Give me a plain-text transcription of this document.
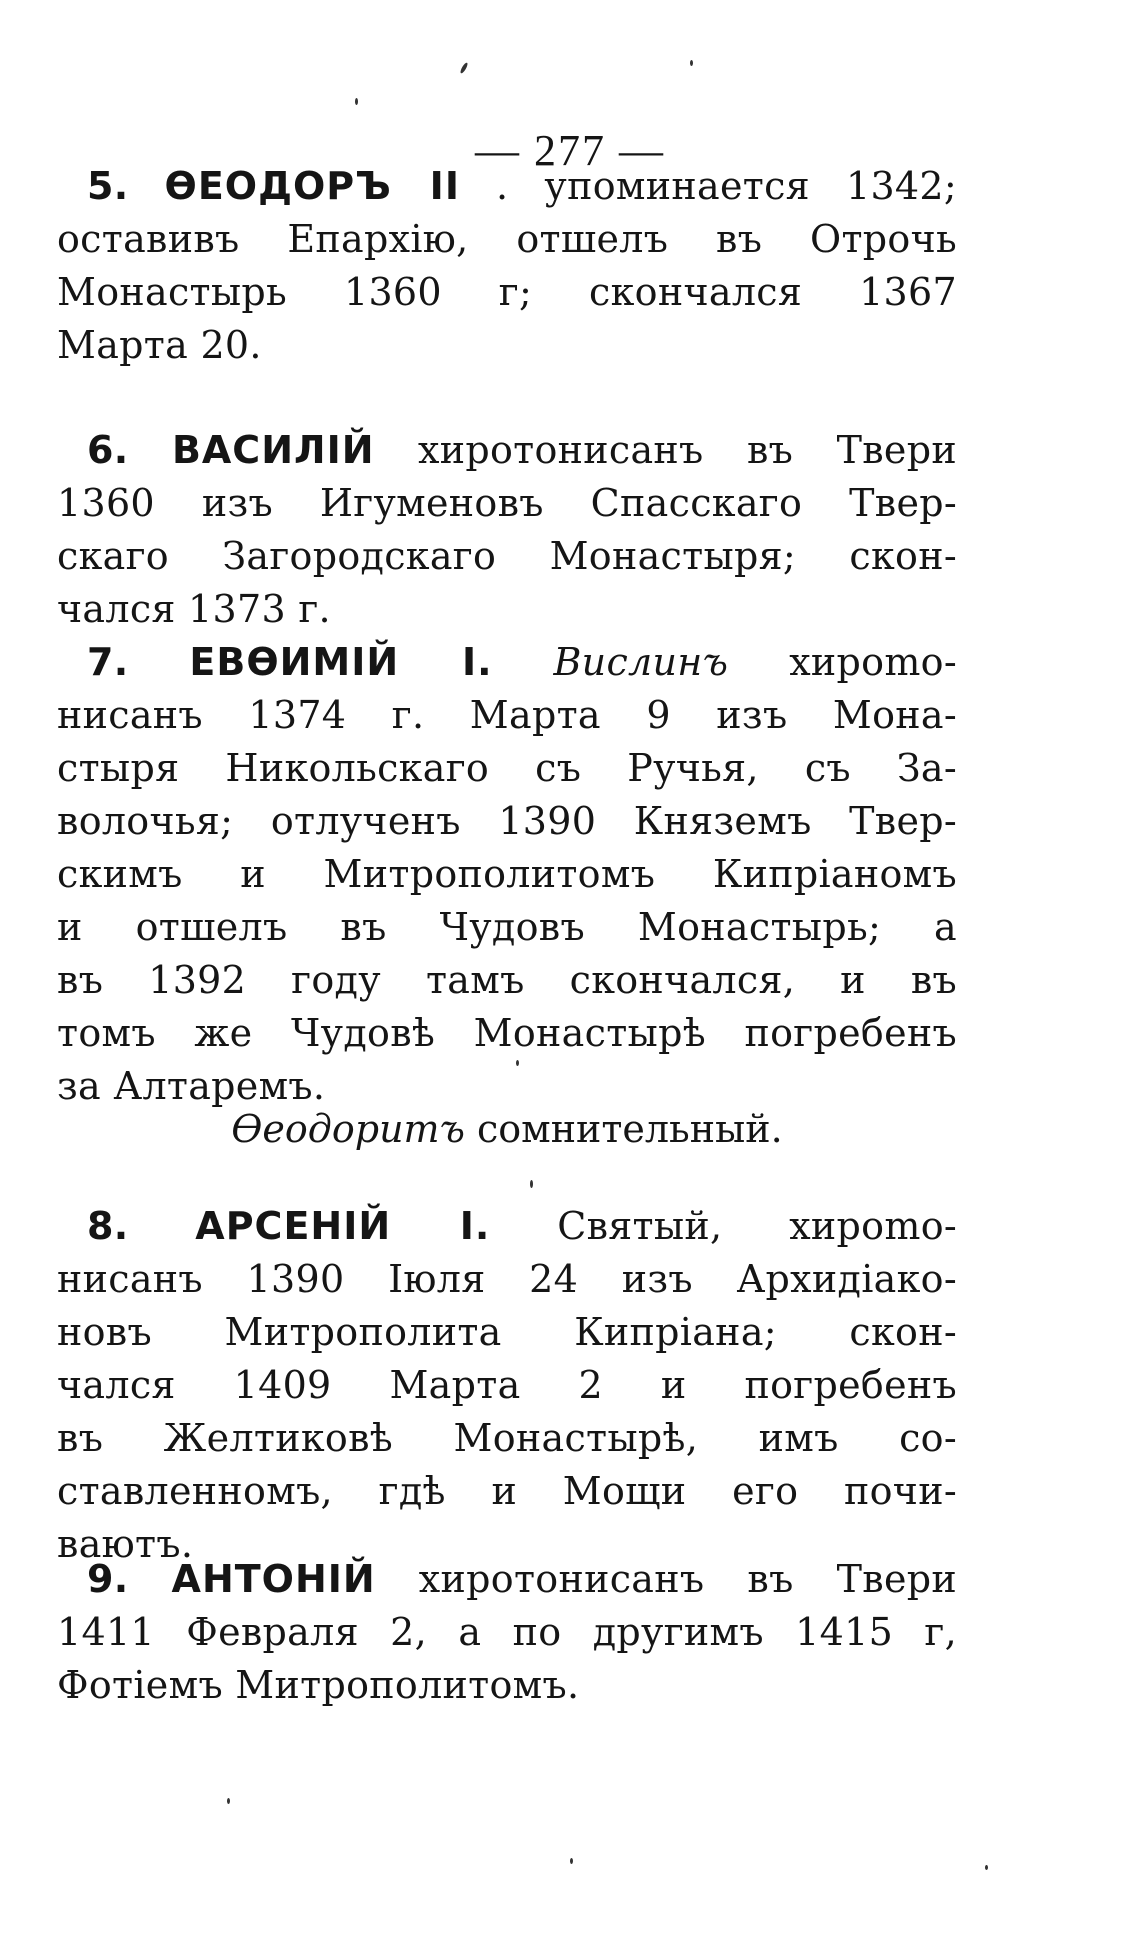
— 277 —
5. ѲЕОДОРЪ II . упоминается 1342;
оставивъ Епархiю, отшелъ въ Отрочь
Монастырь 1360 г; скончался 1367
Марта 20.
6. ВАСИЛIЙ хиротонисанъ въ Твери
1360 изъ Игуменовъ Спасскаго Твер-
скаго Загородскаго Монастыря; скон-
чался 1373 г.
7. ЕВѲИМIЙ I. Вислинъ хироmo-
нисанъ 1374 г. Марта 9 изъ Мона-
стыря Никольскаго съ Ручья, съ За-
волочья; отлученъ 1390 Княземъ Твер-
скимъ и Митрополитомъ Кипрiаномъ
и отшелъ въ Чудовъ Монастырь; а
въ 1392 году тамъ скончался, и въ
томъ же Чудовѣ Монастырѣ погребенъ
за Алтаремъ.
Ѳеодоритъ сомнительный.
8. АРСЕНIЙ I. Святый, хироmo-
нисанъ 1390 Iюля 24 изъ Архидiако-
новъ Митрополита Кипрiана; скон-
чался 1409 Марта 2 и погребенъ
въ Желтиковѣ Монастырѣ, имъ со-
ставленномъ, гдѣ и Мощи его почи-
ваютъ.
9. АНТОНIЙ хиротонисанъ въ Твери
1411 Февраля 2, а по другимъ 1415 г,
Фотiемъ Митрополитомъ.
